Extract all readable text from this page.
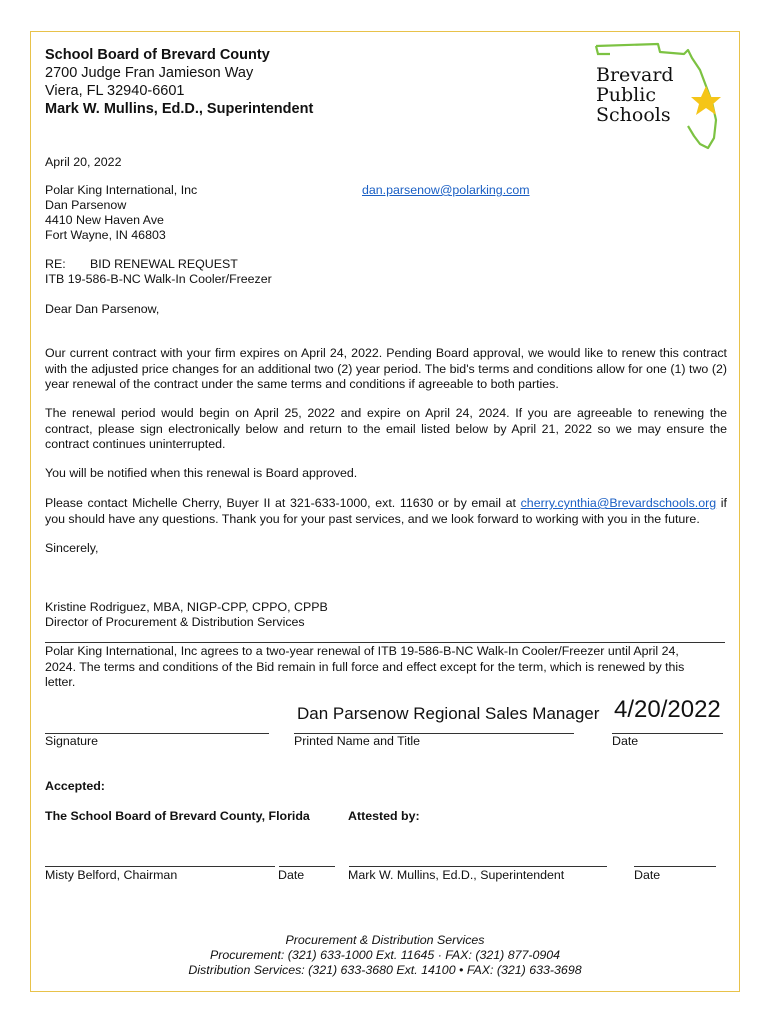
School Board of Brevard County
2700 Judge Fran Jamieson Way
Viera, FL 32940-6601
Mark W. Mullins, Ed.D., Superintendent
Brevard
Public
Schools
April 20, 2022
Polar King International, Inc
Dan Parsenow
4410 New Haven Ave
Fort Wayne, IN 46803
dan.parsenow@polarking.com
RE: BID RENEWAL REQUEST
ITB 19-586-B-NC Walk-In Cooler/Freezer
Dear Dan Parsenow,
Our current contract with your firm expires on April 24, 2022. Pending Board approval, we would like to renew this contract with the adjusted price changes for an additional two (2) year period. The bid's terms and conditions allow for one (1) two (2) year renewal of the contract under the same terms and conditions if agreeable to both parties.
The renewal period would begin on April 25, 2022 and expire on April 24, 2024. If you are agreeable to renewing the contract, please sign electronically below and return to the email listed below by April 21, 2022 so we may ensure the contract continues uninterrupted.
You will be notified when this renewal is Board approved.
Please contact Michelle Cherry, Buyer II at 321-633-1000, ext. 11630 or by email at cherry.cynthia@Brevardschools.org if you should have any questions. Thank you for your past services, and we look forward to working with you in the future.
Sincerely,
Kristine Rodriguez, MBA, NIGP-CPP, CPPO, CPPB
Director of Procurement & Distribution Services
Polar King International, Inc agrees to a two-year renewal of ITB 19-586-B-NC Walk-In Cooler/Freezer until April 24, 2024. The terms and conditions of the Bid remain in full force and effect except for the term, which is renewed by this letter.
Dan Parsenow Regional Sales Manager 4/20/2022
Signature	Printed Name and Title	Date
Accepted:
The School Board of Brevard County, Florida	Attested by:
Misty Belford, Chairman	Date	Mark W. Mullins, Ed.D., Superintendent	Date
Procurement & Distribution Services
Procurement: (321) 633-1000 Ext. 11645 · FAX: (321) 877-0904
Distribution Services: (321) 633-3680 Ext. 14100 • FAX: (321) 633-3698
